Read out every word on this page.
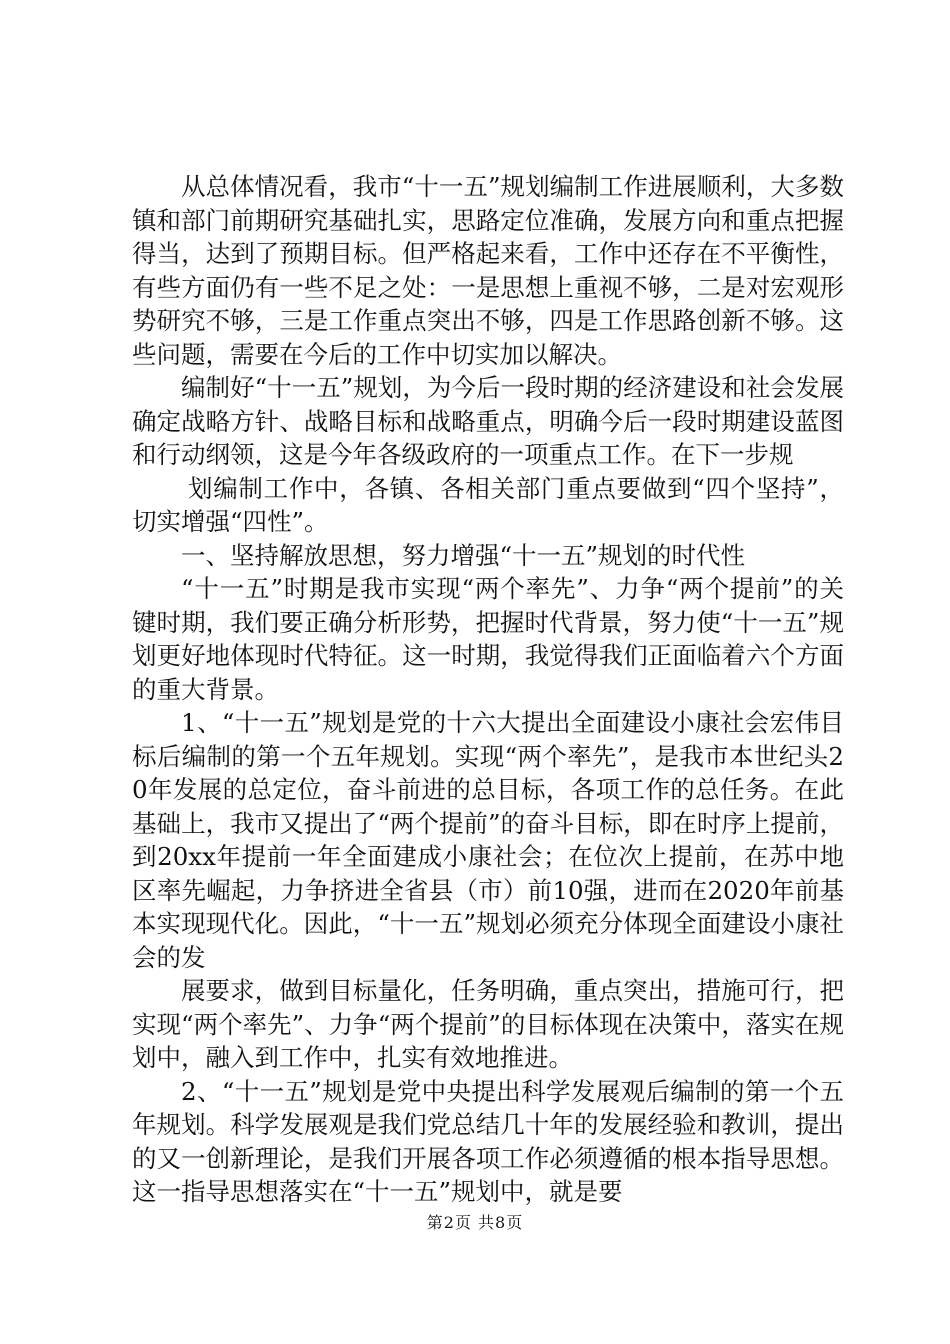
从总体情况看，我市“十一五”规划编制工作进展顺利，大多数镇和部门前期研究基础扎实，思路定位准确，发展方向和重点把握得当，达到了预期目标。但严格起来看，工作中还存在不平衡性，有些方面仍有一些不足之处：一是思想上重视不够，二是对宏观形势研究不够，三是工作重点突出不够，四是工作思路创新不够。这些问题，需要在今后的工作中切实加以解决。

编制好“十一五”规划，为今后一段时期的经济建设和社会发展确定战略方针、战略目标和战略重点，明确今后一段时期建设蓝图和行动纲领，这是今年各级政府的一项重点工作。在下一步规

划编制工作中，各镇、各相关部门重点要做到“四个坚持”，切实增强“四性”。

一、坚持解放思想，努力增强“十一五”规划的时代性

“十一五”时期是我市实现“两个率先”、力争“两个提前”的关键时期，我们要正确分析形势，把握时代背景，努力使“十一五”规划更好地体现时代特征。这一时期，我觉得我们正面临着六个方面的重大背景。

1、“十一五”规划是党的十六大提出全面建设小康社会宏伟目标后编制的第一个五年规划。实现“两个率先”，是我市本世纪头20年发展的总定位，奋斗前进的总目标，各项工作的总任务。在此基础上，我市又提出了“两个提前”的奋斗目标，即在时序上提前，到20xx年提前一年全面建成小康社会；在位次上提前，在苏中地区率先崛起，力争挤进全省县（市）前10强，进而在2020年前基本实现现代化。因此，“十一五”规划必须充分体现全面建设小康社会的发

展要求，做到目标量化，任务明确，重点突出，措施可行，把实现“两个率先”、力争“两个提前”的目标体现在决策中，落实在规划中，融入到工作中，扎实有效地推进。

2、“十一五”规划是党中央提出科学发展观后编制的第一个五年规划。科学发展观是我们党总结几十年的发展经验和教训，提出的又一创新理论，是我们开展各项工作必须遵循的根本指导思想。这一指导思想落实在“十一五”规划中，就是要

第2页 共8页
